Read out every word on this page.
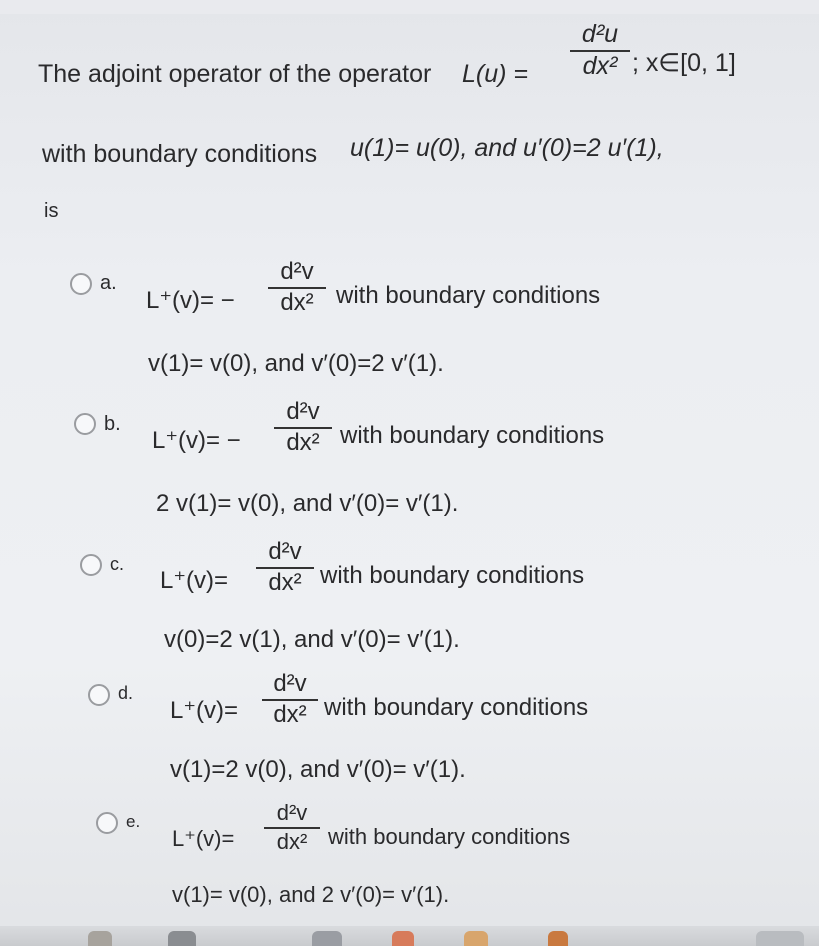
The adjoint operator of the operator L(u) =
d²u
dx² ; x∈[0, 1]
with boundary conditions u(1)= u(0), and u′(0)=2 u′(1),
is
a.
L⁺(v)= −
d²v
dx² with boundary conditions
v(1)= v(0), and v′(0)=2 v′(1).
b.
L⁺(v)= −
d²v
dx² with boundary conditions
2 v(1)= v(0), and v′(0)= v′(1).
c.
L⁺(v)=
d²v
dx² with boundary conditions
v(0)=2 v(1), and v′(0)= v′(1).
d.
L⁺(v)=
d²v
dx² with boundary conditions
v(1)=2 v(0), and v′(0)= v′(1).
e.
L⁺(v)=
d²v
dx² with boundary conditions
v(1)= v(0), and 2 v′(0)= v′(1).
